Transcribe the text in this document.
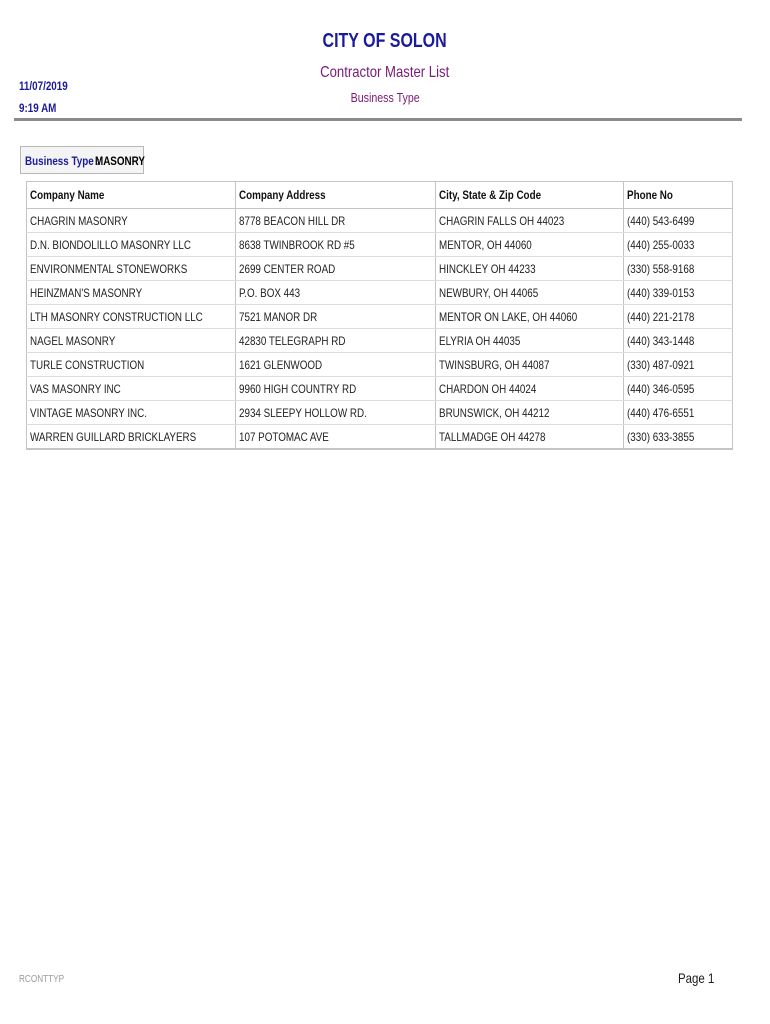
CITY OF SOLON
Contractor Master List
Business Type
11/07/2019
9:19 AM
Business Type :
MASONRY
Company Name	Company Address	City, State & Zip Code	Phone No
CHAGRIN MASONRY	8778 BEACON HILL DR	CHAGRIN FALLS OH 44023	(440) 543-6499
D.N. BIONDOLILLO MASONRY LLC	8638 TWINBROOK RD #5	MENTOR, OH 44060	(440) 255-0033
ENVIRONMENTAL STONEWORKS	2699 CENTER ROAD	HINCKLEY OH 44233	(330) 558-9168
HEINZMAN'S MASONRY	P.O. BOX 443	NEWBURY, OH 44065	(440) 339-0153
LTH MASONRY CONSTRUCTION LLC	7521 MANOR DR	MENTOR ON LAKE, OH 44060	(440) 221-2178
NAGEL MASONRY	42830 TELEGRAPH RD	ELYRIA OH 44035	(440) 343-1448
TURLE CONSTRUCTION	1621 GLENWOOD	TWINSBURG, OH 44087	(330) 487-0921
VAS MASONRY INC	9960 HIGH COUNTRY RD	CHARDON OH 44024	(440) 346-0595
VINTAGE MASONRY INC.	2934 SLEEPY HOLLOW RD.	BRUNSWICK, OH 44212	(440) 476-6551
WARREN GUILLARD BRICKLAYERS	107 POTOMAC AVE	TALLMADGE OH 44278	(330) 633-3855
RCONTTYP	Page 1
